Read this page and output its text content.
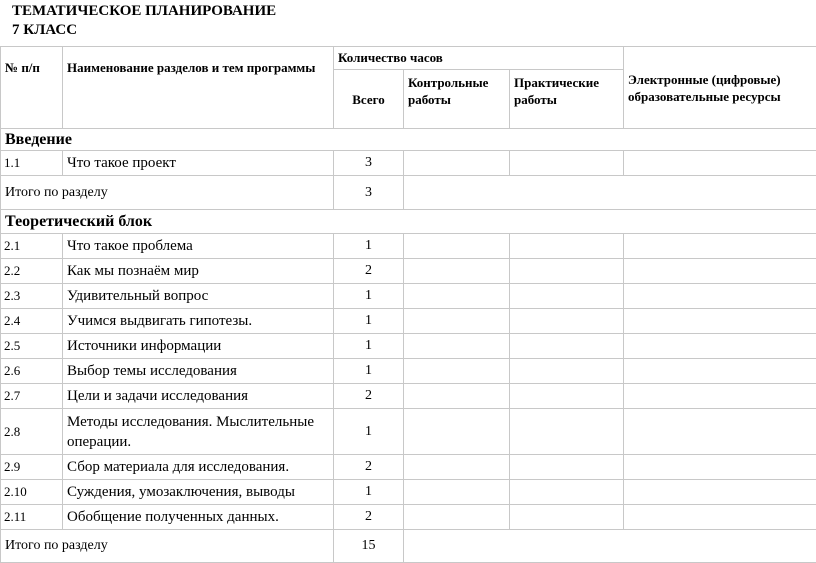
ТЕМАТИЧЕСКОЕ ПЛАНИРОВАНИЕ
7 КЛАСС
№ п/п	Наименование разделов и тем программы	Количество часов			Электронные (цифровые) образовательные ресурсы
		Всего	Контрольные работы	Практические работы	
Введение					
1.1	Что такое проект	3			
Итого по разделу		3			
Теоретический блок					
2.1	Что такое проблема	1			
2.2	Как мы познаём мир	2			
2.3	Удивительный вопрос	1			
2.4	Учимся выдвигать гипотезы.	1			
2.5	Источники информации	1			
2.6	Выбор темы исследования	1			
2.7	Цели и задачи исследования	2			
2.8	Методы исследования. Мыслительные операции.	1			
2.9	Сбор материала для исследования.	2			
2.10	Суждения, умозаключения, выводы	1			
2.11	Обобщение полученных данных.	2			
Итого по разделу		15			
